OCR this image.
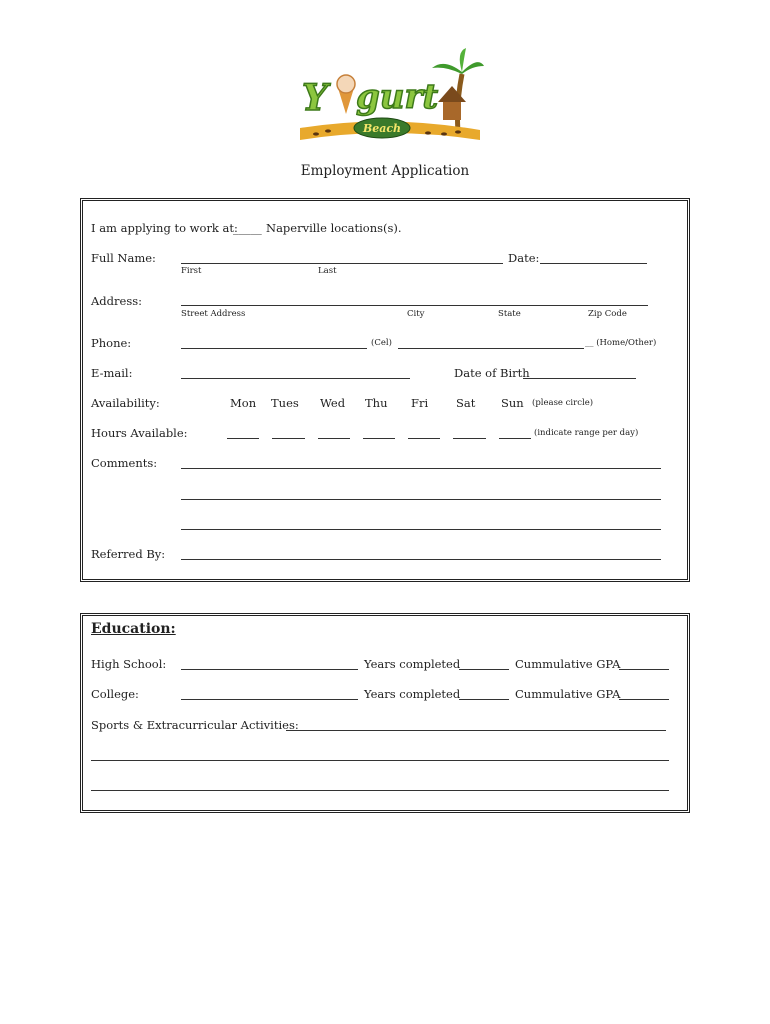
Y gurt
Beach
Employment Application
I am applying to work at:
_____ Naperville locations(s).
Full Name:	Date:
First	Last
Address:
Street Address	City	State	Zip Code
Phone:	(Cel)	__ (Home/Other)
E-mail:	Date of Birth
Availability:	Mon Tues Wed Thu Fri Sat Sun (please circle)
Hours Available:	(indicate range per day)
Comments:
Referred By:
Education:
High School:	Years completed	Cummulative GPA
College:	Years completed	Cummulative GPA
Sports & Extracurricular Activities:
